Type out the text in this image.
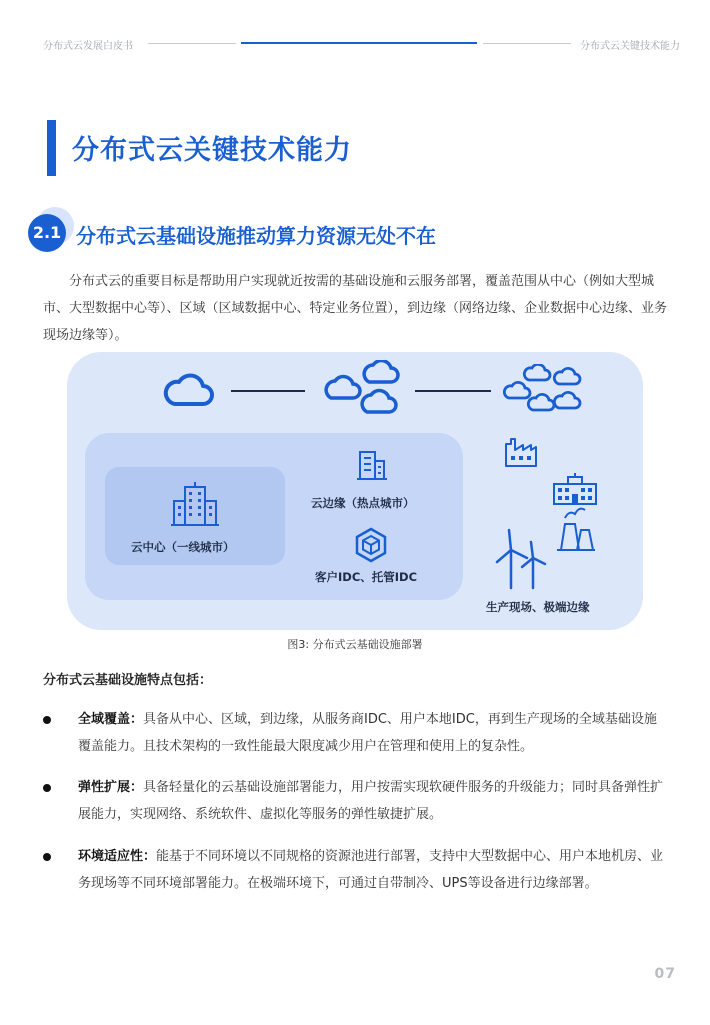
分布式云发展白皮书	分布式云关键技术能力
分布式云关键技术能力
2.1 分布式云基础设施推动算力资源无处不在
分布式云的重要目标是帮助用户实现就近按需的基础设施和云服务部署，覆盖范围从中心（例如大型城市、大型数据中心等）、区域（区域数据中心、特定业务位置），到边缘（网络边缘、企业数据中心边缘、业务现场边缘等）。
云中心（一线城市）
云边缘（热点城市）
客户IDC、托管IDC
生产现场、极端边缘
图3: 分布式云基础设施部署
分布式云基础设施特点包括：
全域覆盖：具备从中心、区域，到边缘，从服务商IDC、用户本地IDC，再到生产现场的全域基础设施覆盖能力。且技术架构的一致性能最大限度减少用户在管理和使用上的复杂性。
弹性扩展：具备轻量化的云基础设施部署能力，用户按需实现软硬件服务的升级能力；同时具备弹性扩展能力，实现网络、系统软件、虚拟化等服务的弹性敏捷扩展。
环境适应性：能基于不同环境以不同规格的资源池进行部署，支持中大型数据中心、用户本地机房、业务现场等不同环境部署能力。在极端环境下，可通过自带制冷、UPS等设备进行边缘部署。
07
